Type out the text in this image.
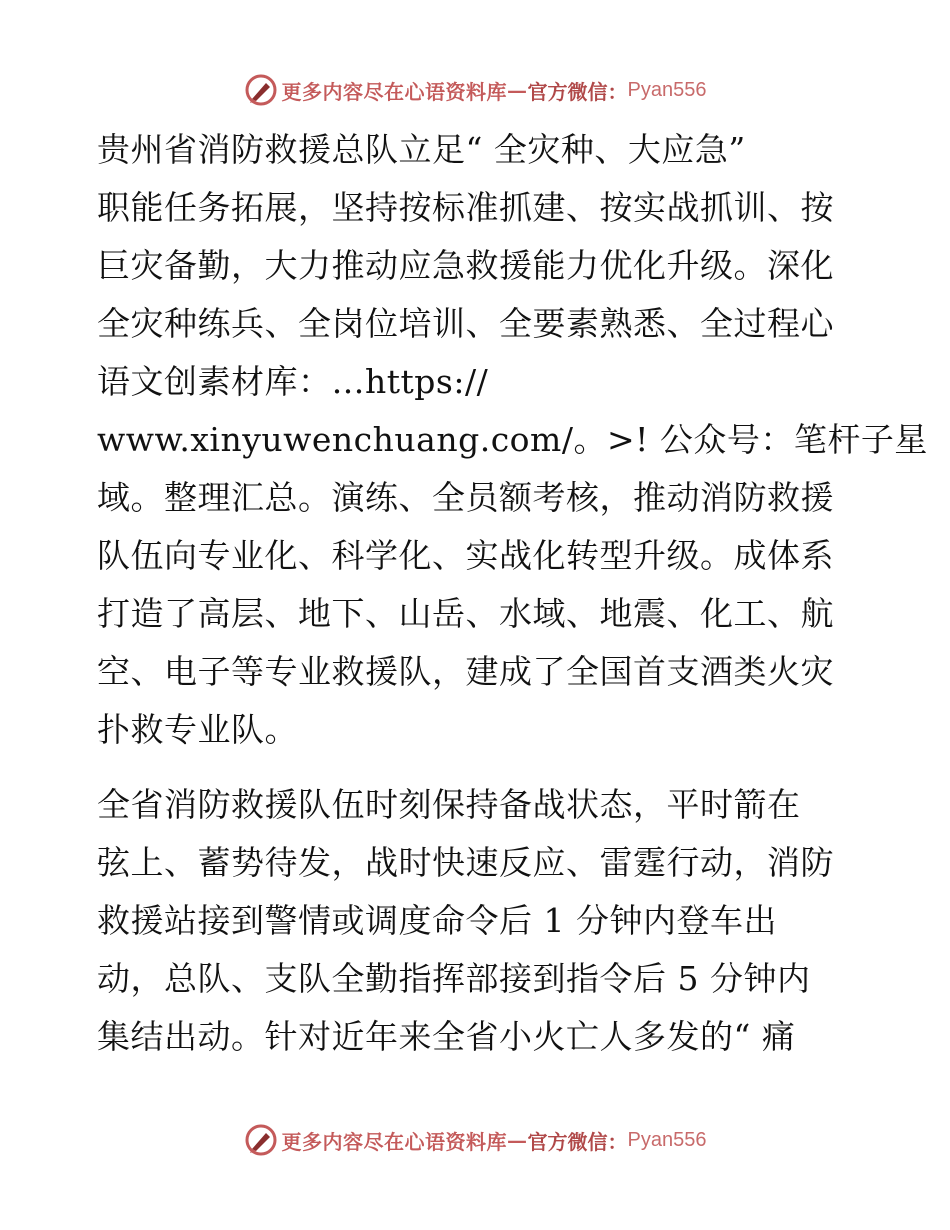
更多内容尽在心语资料库 — 官方微信： Pyan556
贵州省消防救援总队立足“ 全灾种、大应急”
职能任务拓展，坚持按标准抓建、按实战抓训、按
巨灾备勤，大力推动应急救援能力优化升级。深化
全灾种练兵、全岗位培训、全要素熟悉、全过程心
语文创素材库：…https://
www.xinyuwenchuang.com/。>! 公众号：笔杆子星
域。整理汇总。演练、全员额考核，推动消防救援
队伍向专业化、科学化、实战化转型升级。成体系
打造了高层、地下、山岳、水域、地震、化工、航
空、电子等专业救援队，建成了全国首支酒类火灾
扑救专业队。
全省消防救援队伍时刻保持备战状态，平时箭在
弦上、蓄势待发，战时快速反应、雷霆行动，消防
救援站接到警情或调度命令后 1 分钟内登车出
动，总队、支队全勤指挥部接到指令后 5 分钟内
集结出动。针对近年来全省小火亡人多发的“ 痛
更多内容尽在心语资料库 — 官方微信： Pyan556
